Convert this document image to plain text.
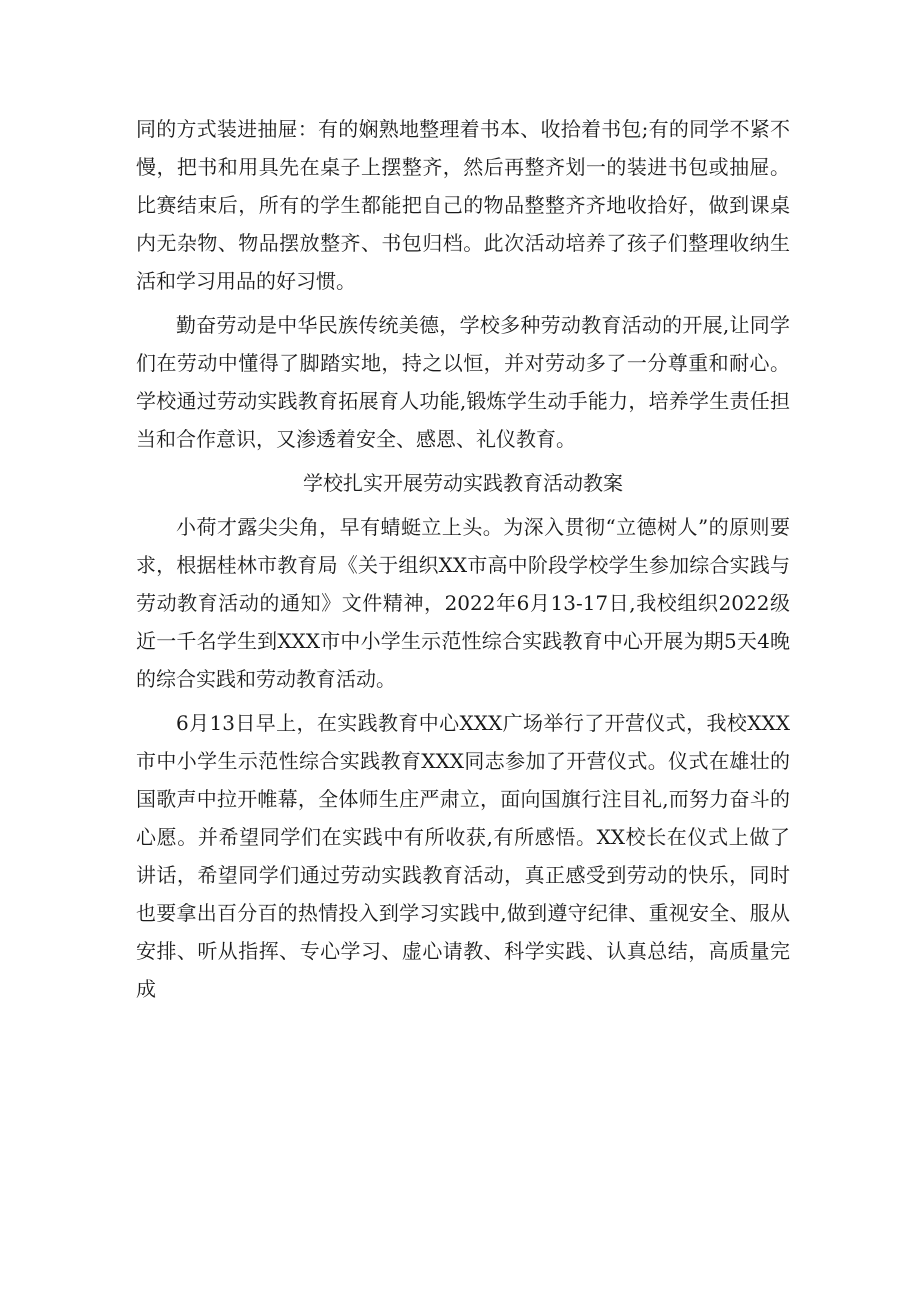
同的方式装进抽屉：有的娴熟地整理着书本、收拾着书包;有的同学不紧不慢，把书和用具先在桌子上摆整齐，然后再整齐划一的装进书包或抽屉。比赛结束后，所有的学生都能把自己的物品整整齐齐地收拾好，做到课桌内无杂物、物品摆放整齐、书包归档。此次活动培养了孩子们整理收纳生活和学习用品的好习惯。

勤奋劳动是中华民族传统美德，学校多种劳动教育活动的开展,让同学们在劳动中懂得了脚踏实地，持之以恒，并对劳动多了一分尊重和耐心。学校通过劳动实践教育拓展育人功能,锻炼学生动手能力，培养学生责任担当和合作意识，又渗透着安全、感恩、礼仪教育。

学校扎实开展劳动实践教育活动教案

小荷才露尖尖角，早有蜻蜓立上头。为深入贯彻“立德树人”的原则要求，根据桂林市教育局《关于组织XX市高中阶段学校学生参加综合实践与劳动教育活动的通知》文件精神，2022年6月13-17日,我校组织2022级近一千名学生到XXX市中小学生示范性综合实践教育中心开展为期5天4晚的综合实践和劳动教育活动。

6月13日早上，在实践教育中心XXX广场举行了开营仪式，我校XXX市中小学生示范性综合实践教育XXX同志参加了开营仪式。仪式在雄壮的国歌声中拉开帷幕，全体师生庄严肃立，面向国旗行注目礼,而努力奋斗的心愿。并希望同学们在实践中有所收获,有所感悟。XX校长在仪式上做了讲话，希望同学们通过劳动实践教育活动，真正感受到劳动的快乐，同时也要拿出百分百的热情投入到学习实践中,做到遵守纪律、重视安全、服从安排、听从指挥、专心学习、虚心请教、科学实践、认真总结，高质量完成
